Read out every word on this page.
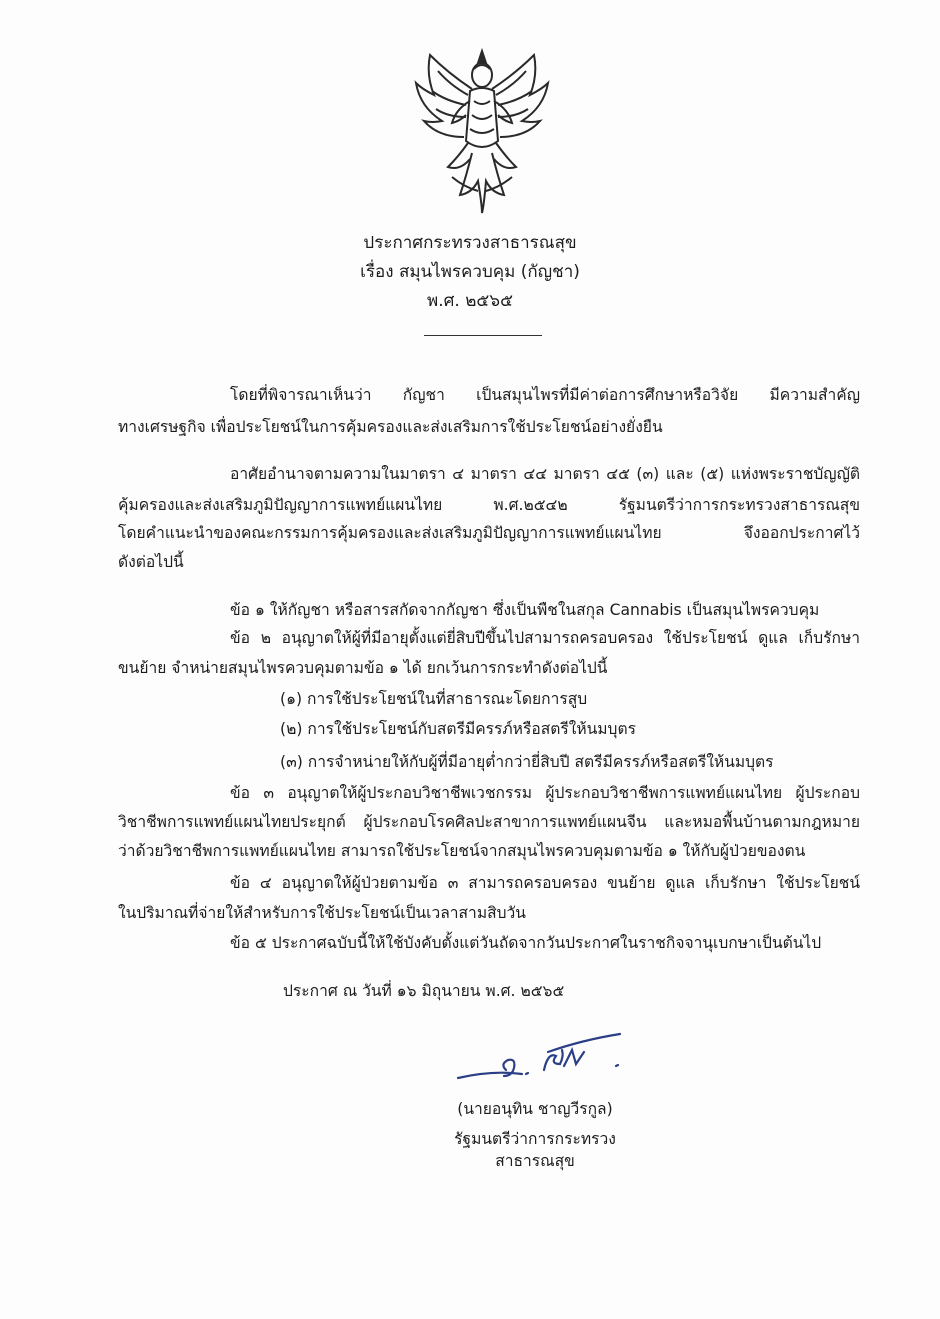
ประกาศกระทรวงสาธารณสุข
เรื่อง สมุนไพรควบคุม (กัญชา)
พ.ศ. ๒๕๖๕
โดยที่พิจารณาเห็นว่า กัญชา เป็นสมุนไพรที่มีค่าต่อการศึกษาหรือวิจัย มีความสำคัญ
ทางเศรษฐกิจ เพื่อประโยชน์ในการคุ้มครองและส่งเสริมการใช้ประโยชน์อย่างยั่งยืน
อาศัยอำนาจตามความในมาตรา ๔ มาตรา ๔๔ มาตรา ๔๕ (๓) และ (๕) แห่งพระราชบัญญัติ
คุ้มครองและส่งเสริมภูมิปัญญาการแพทย์แผนไทย พ.ศ.๒๕๔๒ รัฐมนตรีว่าการกระทรวงสาธารณสุข
โดยคำแนะนำของคณะกรรมการคุ้มครองและส่งเสริมภูมิปัญญาการแพทย์แผนไทย จึงออกประกาศไว้
ดังต่อไปนี้
ข้อ ๑ ให้กัญชา หรือสารสกัดจากกัญชา ซึ่งเป็นพืชในสกุล Cannabis เป็นสมุนไพรควบคุม
ข้อ ๒ อนุญาตให้ผู้ที่มีอายุตั้งแต่ยี่สิบปีขึ้นไปสามารถครอบครอง ใช้ประโยชน์ ดูแล เก็บรักษา
ขนย้าย จำหน่ายสมุนไพรควบคุมตามข้อ ๑ ได้ ยกเว้นการกระทำดังต่อไปนี้
(๑) การใช้ประโยชน์ในที่สาธารณะโดยการสูบ
(๒) การใช้ประโยชน์กับสตรีมีครรภ์หรือสตรีให้นมบุตร
(๓) การจำหน่ายให้กับผู้ที่มีอายุต่ำกว่ายี่สิบปี สตรีมีครรภ์หรือสตรีให้นมบุตร
ข้อ ๓ อนุญาตให้ผู้ประกอบวิชาชีพเวชกรรม ผู้ประกอบวิชาชีพการแพทย์แผนไทย ผู้ประกอบ
วิชาชีพการแพทย์แผนไทยประยุกต์ ผู้ประกอบโรคศิลปะสาขาการแพทย์แผนจีน และหมอพื้นบ้านตามกฎหมาย
ว่าด้วยวิชาชีพการแพทย์แผนไทย สามารถใช้ประโยชน์จากสมุนไพรควบคุมตามข้อ ๑ ให้กับผู้ป่วยของตน
ข้อ ๔ อนุญาตให้ผู้ป่วยตามข้อ ๓ สามารถครอบครอง ขนย้าย ดูแล เก็บรักษา ใช้ประโยชน์
ในปริมาณที่จ่ายให้สำหรับการใช้ประโยชน์เป็นเวลาสามสิบวัน
ข้อ ๕ ประกาศฉบับนี้ให้ใช้บังคับตั้งแต่วันถัดจากวันประกาศในราชกิจจานุเบกษาเป็นต้นไป
ประกาศ ณ วันที่ ๑๖ มิถุนายน พ.ศ. ๒๕๖๕
(นายอนุทิน ชาญวีรกูล)
รัฐมนตรีว่าการกระทรวงสาธารณสุข
